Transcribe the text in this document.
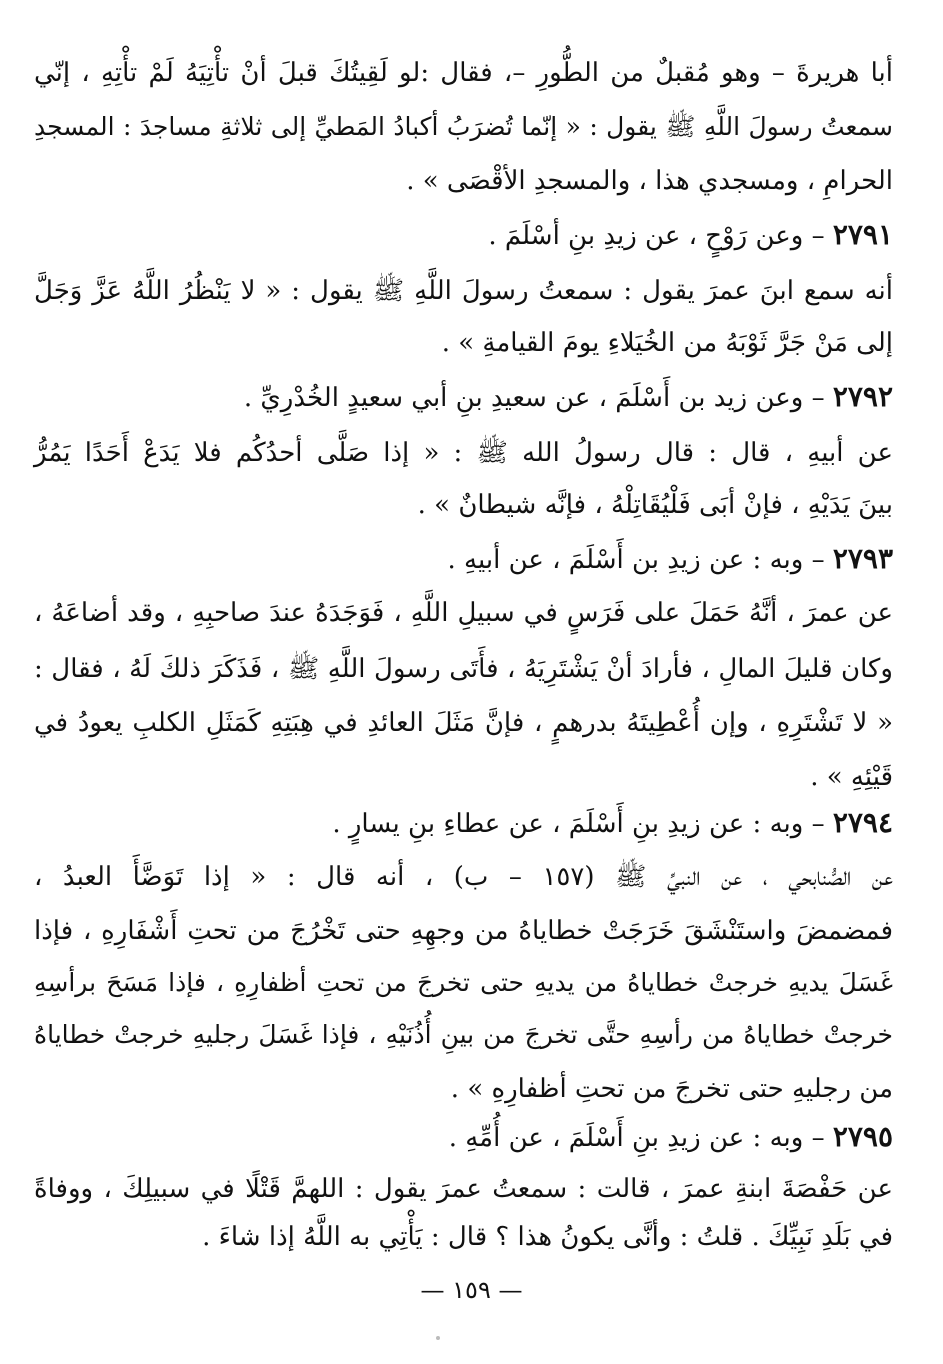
أبا هريرةَ – وهو مُقبلٌ من الطُّورِ –، فقال :لو لَقِيتُكَ قبلَ أنْ تأْتِيَهُ لَمْ تأْتِهِ ، إنّي
سمعتُ رسولَ اللَّهِ ﷺ يقول : « إنّما تُضرَبُ أكبادُ المَطيِّ إلى ثلاثةِ مساجدَ : المسجدِ
الحرامِ ، ومسجدي هذا ، والمسجدِ الأقْصَى » .
٢٧٩١ – وعن رَوْحٍ ، عن زيدِ بنِ أسْلَمَ .
أنه سمع ابنَ عمرَ يقول : سمعتُ رسولَ اللَّهِ ﷺ يقول : « لا يَنْظُرُ اللَّهُ عَزَّ وَجَلَّ
إلى مَنْ جَرَّ ثَوْبَهُ من الخُيَلاءِ يومَ القيامةِ » .
٢٧٩٢ – وعن زيد بن أَسْلَمَ ، عن سعيدِ بنِ أبي سعيدٍ الخُدْرِيِّ .
عن أبيهِ ، قال : قال رسولُ الله ﷺ : « إذا صَلَّى أحدُكُم فلا يَدَعْ أَحَدًا يَمُرُّ
بينَ يَدَيْهِ ، فإنْ أبَى فَلْيُقَاتِلْهُ ، فإنَّه شيطانٌ » .
٢٧٩٣ – وبه : عن زيدِ بن أَسْلَمَ ، عن أبيهِ .
عن عمرَ ، أنَّهُ حَمَلَ على فَرَسٍ في سبيلِ اللَّهِ ، فَوَجَدَهُ عندَ صاحبِهِ ، وقد أضاعَهُ ،
وكان قليلَ المالِ ، فأرادَ أنْ يَشْتَرِيَهُ ، فأَتَى رسولَ اللَّهِ ﷺ ، فَذَكَرَ ذلكَ لَهُ ، فقال :
« لا تَشْتَرِهِ ، وإن أُعْطِيتَهُ بدرهمٍ ، فإنَّ مَثَلَ العائدِ في هِبَتِهِ كَمَثَلِ الكلبِ يعودُ في
قَيْئِهِ » .
٢٧٩٤ – وبه : عن زيدِ بنِ أَسْلَمَ ، عن عطاءِ بنِ يسارٍ .
عن الصُّنابحي ، عن النبيِّ ﷺ (١٥٧ – ب) ، أنه قال : « إذا تَوَضَّأَ العبدُ ،
فمضمضَ واستَنْشَقَ خَرَجَتْ خطاياهُ من وجهِهِ حتى تَخْرُجَ من تحتِ أَشْفَارِهِ ، فإذا
غَسَلَ يديهِ خرجتْ خطاياهُ من يديهِ حتى تخرجَ من تحتِ أظفارِهِ ، فإذا مَسَحَ برأسِهِ
خرجتْ خطاياهُ من رأسِهِ حتَّى تخرجَ من بينِ أُذُنَيْهِ ، فإذا غَسَلَ رجليهِ خرجتْ خطاياهُ
من رجليهِ حتى تخرجَ من تحتِ أظفارِهِ » .
٢٧٩٥ – وبه : عن زيدِ بنِ أَسْلَمَ ، عن أُمِّهِ .
عن حَفْصَةَ ابنةِ عمرَ ، قالت : سمعتُ عمرَ يقول : اللهمَّ قَتْلًا في سبيلِكَ ، ووفاةً
في بَلَدِ نَبِيِّكَ . قلتُ : وأنَّى يكونُ هذا ؟ قال : يَأْتِي به اللَّهُ إذا شاءَ .
— ١٥٩ —
